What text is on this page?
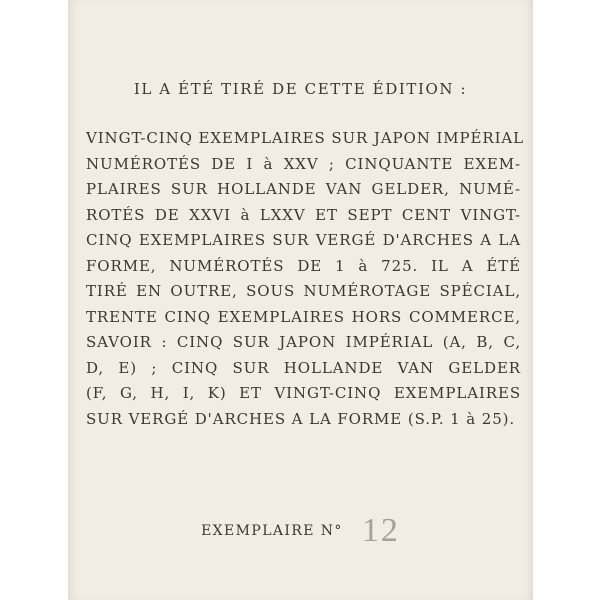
IL A ÉTÉ TIRÉ DE CETTE ÉDITION :
VINGT-CINQ EXEMPLAIRES SUR JAPON IMPÉRIAL
NUMÉROTÉS DE I à XXV ; CINQUANTE EXEM-
PLAIRES SUR HOLLANDE VAN GELDER, NUMÉ-
ROTÉS DE XXVI à LXXV ET SEPT CENT VINGT-
CINQ EXEMPLAIRES SUR VERGÉ D'ARCHES A LA
FORME, NUMÉROTÉS DE 1 à 725. IL A ÉTÉ
TIRÉ EN OUTRE, SOUS NUMÉROTAGE SPÉCIAL,
TRENTE CINQ EXEMPLAIRES HORS COMMERCE,
SAVOIR : CINQ SUR JAPON IMPÉRIAL (A, B, C,
D, E) ; CINQ SUR HOLLANDE VAN GELDER
(F, G, H, I, K) ET VINGT-CINQ EXEMPLAIRES
SUR VERGÉ D'ARCHES A LA FORME (S.P. 1 à 25).
EXEMPLAIRE N° 12
